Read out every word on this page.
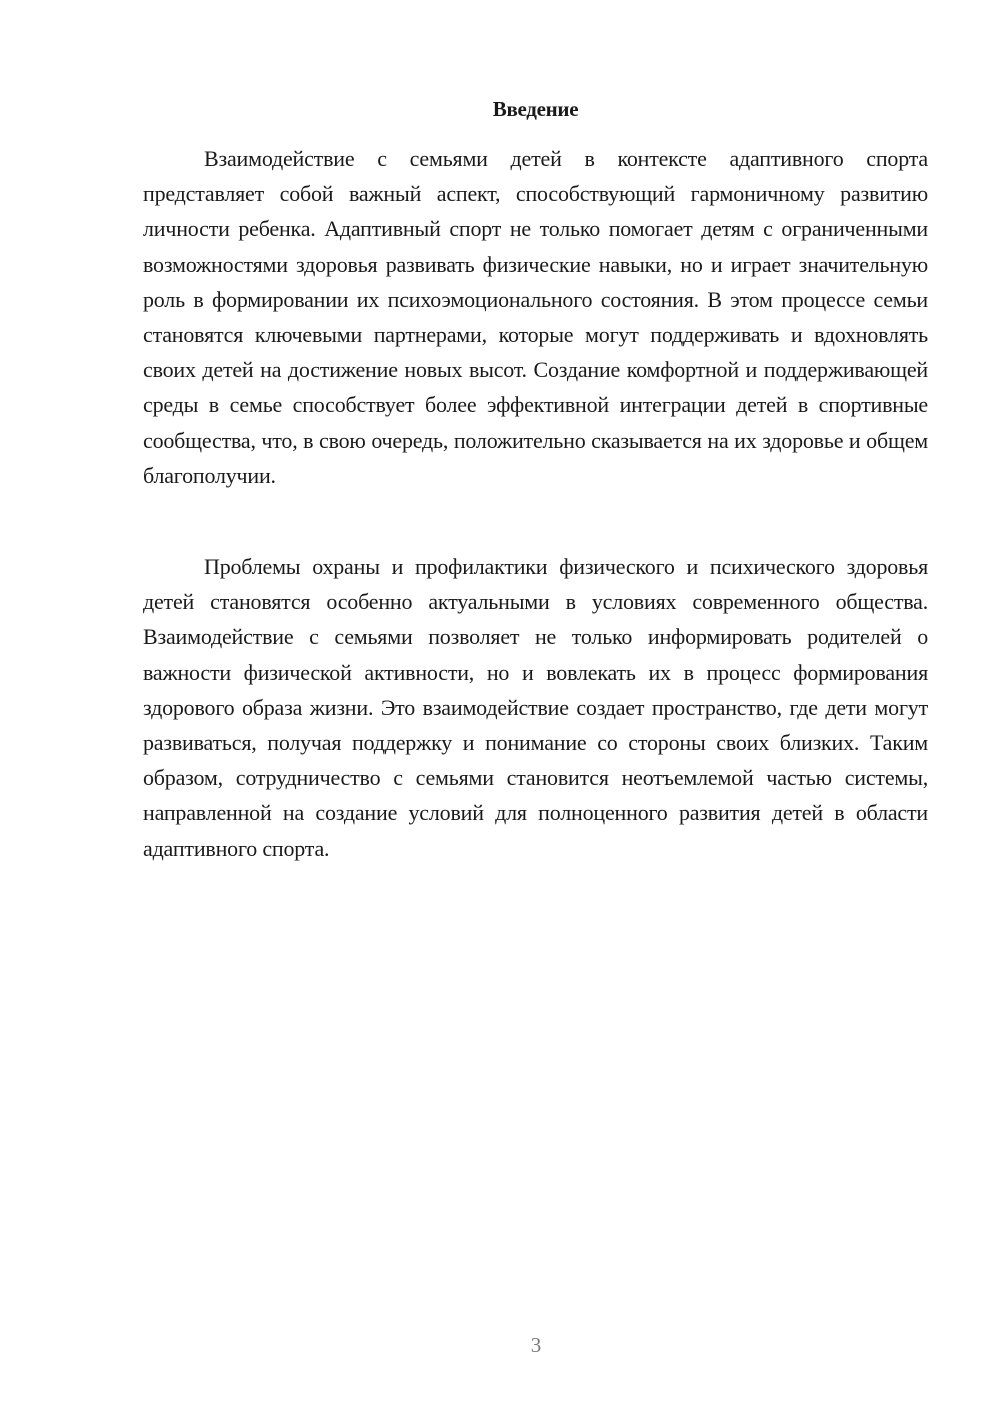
Введение

Взаимодействие с семьями детей в контексте адаптивного спорта представляет собой важный аспект, способствующий гармоничному развитию личности ребенка. Адаптивный спорт не только помогает детям с ограниченными возможностями здоровья развивать физические навыки, но и играет значительную роль в формировании их психоэмоционального состояния. В этом процессе семьи становятся ключевыми партнерами, которые могут поддерживать и вдохновлять своих детей на достижение новых высот. Создание комфортной и поддерживающей среды в семье способствует более эффективной интеграции детей в спортивные сообщества, что, в свою очередь, положительно сказывается на их здоровье и общем благополучии.

Проблемы охраны и профилактики физического и психического здоровья детей становятся особенно актуальными в условиях современного общества. Взаимодействие с семьями позволяет не только информировать родителей о важности физической активности, но и вовлекать их в процесс формирования здорового образа жизни. Это взаимодействие создает пространство, где дети могут развиваться, получая поддержку и понимание со стороны своих близких. Таким образом, сотрудничество с семьями становится неотъемлемой частью системы, направленной на создание условий для полноценного развития детей в области адаптивного спорта.

3
